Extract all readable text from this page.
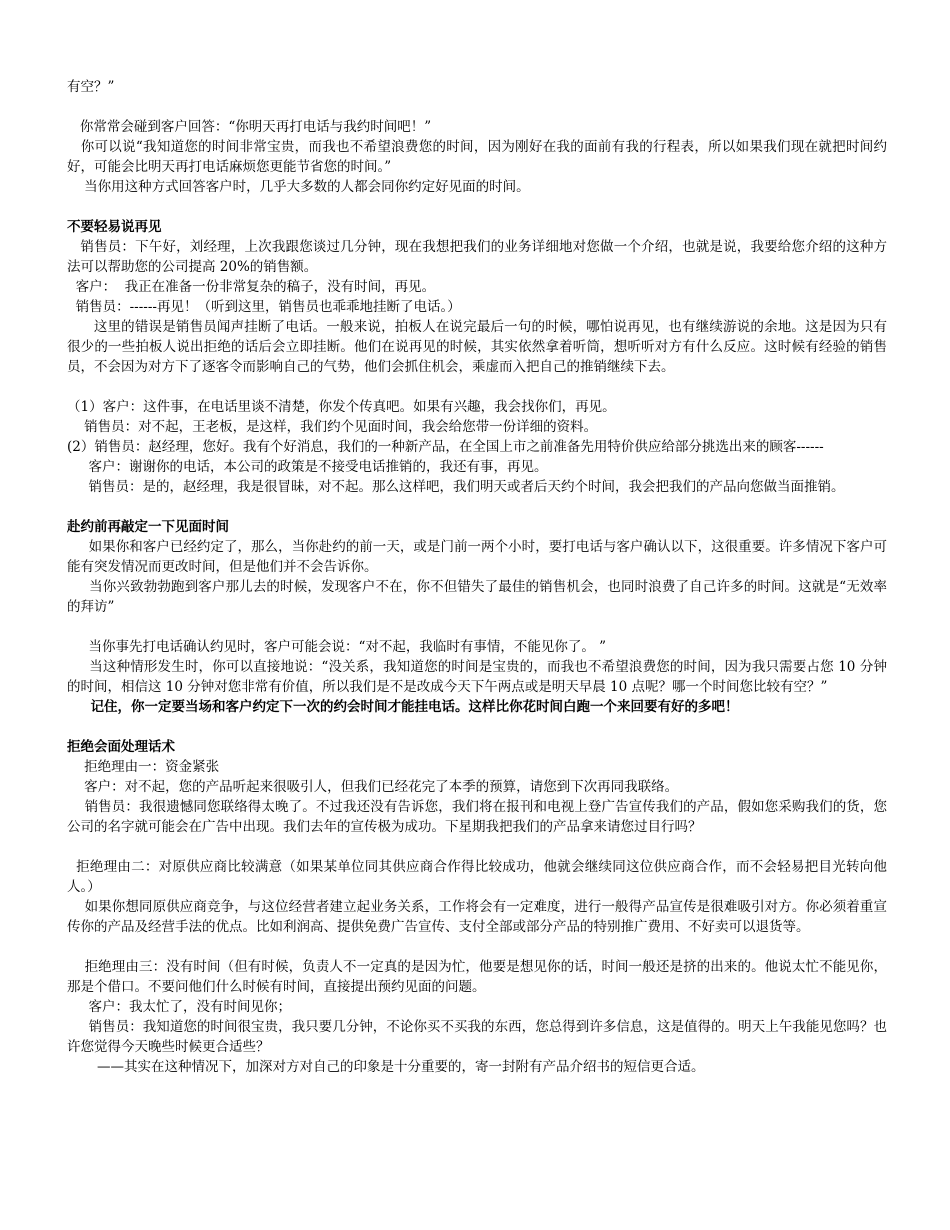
有空？”

你常常会碰到客户回答：“你明天再打电话与我约时间吧！”

你可以说“我知道您的时间非常宝贵，而我也不希望浪费您的时间，因为刚好在我的面前有我的行程表，所以如果我们现在就把时间约好，可能会比明天再打电话麻烦您更能节省您的时间。”

当你用这种方式回答客户时，几乎大多数的人都会同你约定好见面的时间。

不要轻易说再见

销售员：下午好，刘经理，上次我跟您谈过几分钟，现在我想把我们的业务详细地对您做一个介绍，也就是说，我要给您介绍的这种方法可以帮助您的公司提高 20%的销售额。

客户：  我正在准备一份非常复杂的稿子，没有时间，再见。

销售员：------再见！（听到这里，销售员也乖乖地挂断了电话。）

这里的错误是销售员闻声挂断了电话。一般来说，拍板人在说完最后一句的时候，哪怕说再见，也有继续游说的余地。这是因为只有很少的一些拍板人说出拒绝的话后会立即挂断。他们在说再见的时候，其实依然拿着听筒，想听听对方有什么反应。这时候有经验的销售员，不会因为对方下了逐客令而影响自己的气势，他们会抓住机会，乘虚而入把自己的推销继续下去。

（1）客户：这件事，在电话里谈不清楚，你发个传真吧。如果有兴趣，我会找你们，再见。

销售员：对不起，王老板，是这样，我们约个见面时间，我会给您带一份详细的资料。

(2）销售员：赵经理，您好。我有个好消息，我们的一种新产品，在全国上市之前准备先用特价供应给部分挑选出来的顾客------

客户：谢谢你的电话，本公司的政策是不接受电话推销的，我还有事，再见。

销售员：是的，赵经理，我是很冒昧，对不起。那么这样吧，我们明天或者后天约个时间，我会把我们的产品向您做当面推销。

赴约前再敲定一下见面时间

如果你和客户已经约定了，那么，当你赴约的前一天，或是门前一两个小时，要打电话与客户确认以下，这很重要。许多情况下客户可能有突发情况而更改时间，但是他们并不会告诉你。

当你兴致勃勃跑到客户那儿去的时候，发现客户不在，你不但错失了最佳的销售机会，也同时浪费了自己许多的时间。这就是“无效率的拜访”

当你事先打电话确认约见时，客户可能会说：“对不起，我临时有事情，不能见你了。 ”

当这种情形发生时，你可以直接地说：“没关系，我知道您的时间是宝贵的，而我也不希望浪费您的时间，因为我只需要占您 10 分钟的时间，相信这 10 分钟对您非常有价值，所以我们是不是改成今天下午两点或是明天早晨 10 点呢？哪一个时间您比较有空？”

记住，你一定要当场和客户约定下一次的约会时间才能挂电话。这样比你花时间白跑一个来回要有好的多吧！

拒绝会面处理话术

拒绝理由一：资金紧张

客户：对不起，您的产品听起来很吸引人，但我们已经花完了本季的预算，请您到下次再同我联络。

销售员：我很遗憾同您联络得太晚了。不过我还没有告诉您，我们将在报刊和电视上登广告宣传我们的产品，假如您采购我们的货，您公司的名字就可能会在广告中出现。我们去年的宣传极为成功。下星期我把我们的产品拿来请您过目行吗？

拒绝理由二：对原供应商比较满意（如果某单位同其供应商合作得比较成功，他就会继续同这位供应商合作，而不会轻易把目光转向他人。）

如果你想同原供应商竞争，与这位经营者建立起业务关系，工作将会有一定难度，进行一般得产品宣传是很难吸引对方。你必须着重宣传你的产品及经营手法的优点。比如利润高、提供免费广告宣传、支付全部或部分产品的特别推广费用、不好卖可以退货等。

拒绝理由三：没有时间（但有时候，负责人不一定真的是因为忙，他要是想见你的话，时间一般还是挤的出来的。他说太忙不能见你，那是个借口。不要问他们什么时候有时间，直接提出预约见面的问题。

客户：我太忙了，没有时间见你；

销售员：我知道您的时间很宝贵，我只要几分钟，不论你买不买我的东西，您总得到许多信息，这是值得的。明天上午我能见您吗？也许您觉得今天晚些时候更合适些？

——其实在这种情况下，加深对方对自己的印象是十分重要的，寄一封附有产品介绍书的短信更合适。
